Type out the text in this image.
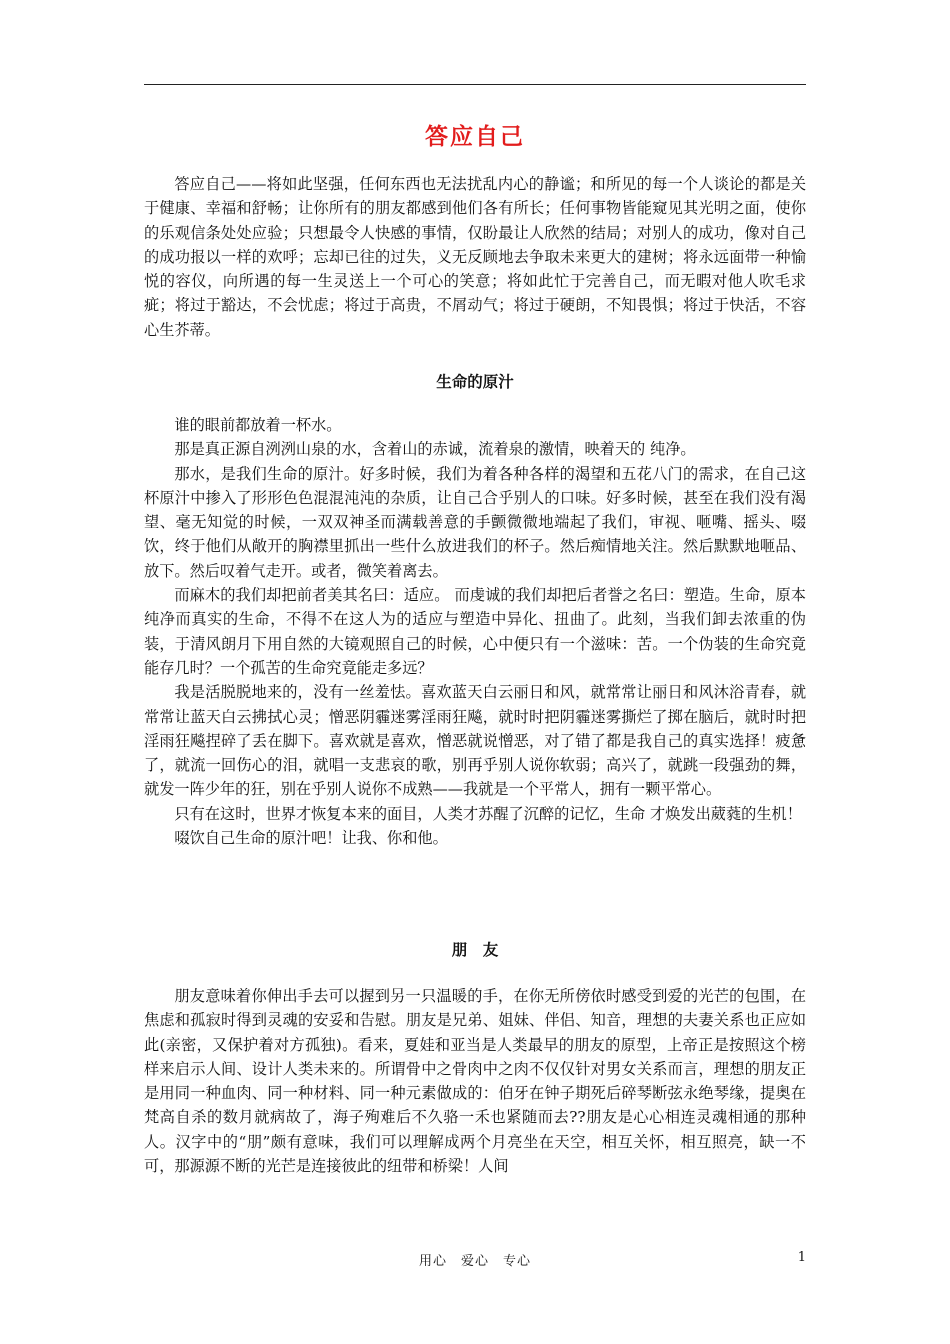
答应自己

答应自己——将如此坚强，任何东西也无法扰乱内心的静谧；和所见的每一个人谈论的都是关于健康、幸福和舒畅；让你所有的朋友都感到他们各有所长；任何事物皆能窥见其光明之面，使你的乐观信条处处应验；只想最令人快感的事情，仅盼最让人欣然的结局；对别人的成功，像对自己的成功报以一样的欢呼；忘却已往的过失，义无反顾地去争取未来更大的建树；将永远面带一种愉悦的容仪，向所遇的每一生灵送上一个可心的笑意；将如此忙于完善自己，而无暇对他人吹毛求疵；将过于豁达，不会忧虑；将过于高贵，不屑动气；将过于硬朗，不知畏惧；将过于快活，不容心生芥蒂。

生命的原汁

谁的眼前都放着一杯水。

那是真正源自洌洌山泉的水，含着山的赤诚，流着泉的激情，映着天的 纯净。

那水，是我们生命的原汁。好多时候，我们为着各种各样的渴望和五花八门的需求，在自己这杯原汁中掺入了形形色色混混沌沌的杂质，让自己合乎别人的口味。好多时候，甚至在我们没有渴望、毫无知觉的时候，一双双神圣而满载善意的手颤微微地端起了我们，审视、咂嘴、摇头、啜饮，终于他们从敞开的胸襟里抓出一些什么放进我们的杯子。然后痴情地关注。然后默默地咂品、放下。然后叹着气走开。或者，微笑着离去。

而麻木的我们却把前者美其名曰：适应。 而虔诚的我们却把后者誉之名曰：塑造。生命，原本纯净而真实的生命，不得不在这人为的适应与塑造中异化、扭曲了。此刻，当我们卸去浓重的伪装，于清风朗月下用自然的大镜观照自己的时候，心中便只有一个滋味：苦。一个伪装的生命究竟能存几时？一个孤苦的生命究竟能走多远？

我是活脱脱地来的，没有一丝羞怯。喜欢蓝天白云丽日和风，就常常让丽日和风沐浴青春，就常常让蓝天白云拂拭心灵；憎恶阴霾迷雾淫雨狂飚，就时时把阴霾迷雾撕烂了掷在脑后，就时时把淫雨狂飚捏碎了丢在脚下。喜欢就是喜欢，憎恶就说憎恶，对了错了都是我自己的真实选择！疲惫了，就流一回伤心的泪，就唱一支悲哀的歌，别再乎别人说你软弱；高兴了，就跳一段强劲的舞，就发一阵少年的狂，别在乎别人说你不成熟——我就是一个平常人，拥有一颗平常心。

只有在这时，世界才恢复本来的面目，人类才苏醒了沉醉的记忆，生命 才焕发出葳蕤的生机！

啜饮自己生命的原汁吧！让我、你和他。

朋　友

朋友意味着你伸出手去可以握到另一只温暖的手，在你无所傍依时感受到爱的光芒的包围，在焦虑和孤寂时得到灵魂的安妥和告慰。朋友是兄弟、姐妹、伴侣、知音，理想的夫妻关系也正应如此(亲密，又保护着对方孤独)。看来，夏娃和亚当是人类最早的朋友的原型，上帝正是按照这个榜样来启示人间、设计人类未来的。所谓骨中之骨肉中之肉不仅仅针对男女关系而言，理想的朋友正是用同一种血肉、同一种材料、同一种元素做成的：伯牙在钟子期死后碎琴断弦永绝琴缘，提奥在梵高自杀的数月就病故了，海子殉难后不久骆一禾也紧随而去??朋友是心心相连灵魂相通的那种人。汉字中的“朋”颇有意味，我们可以理解成两个月亮坐在天空，相互关怀，相互照亮，缺一不可，那源源不断的光芒是连接彼此的纽带和桥梁！人间

用心　爱心　专心	1
